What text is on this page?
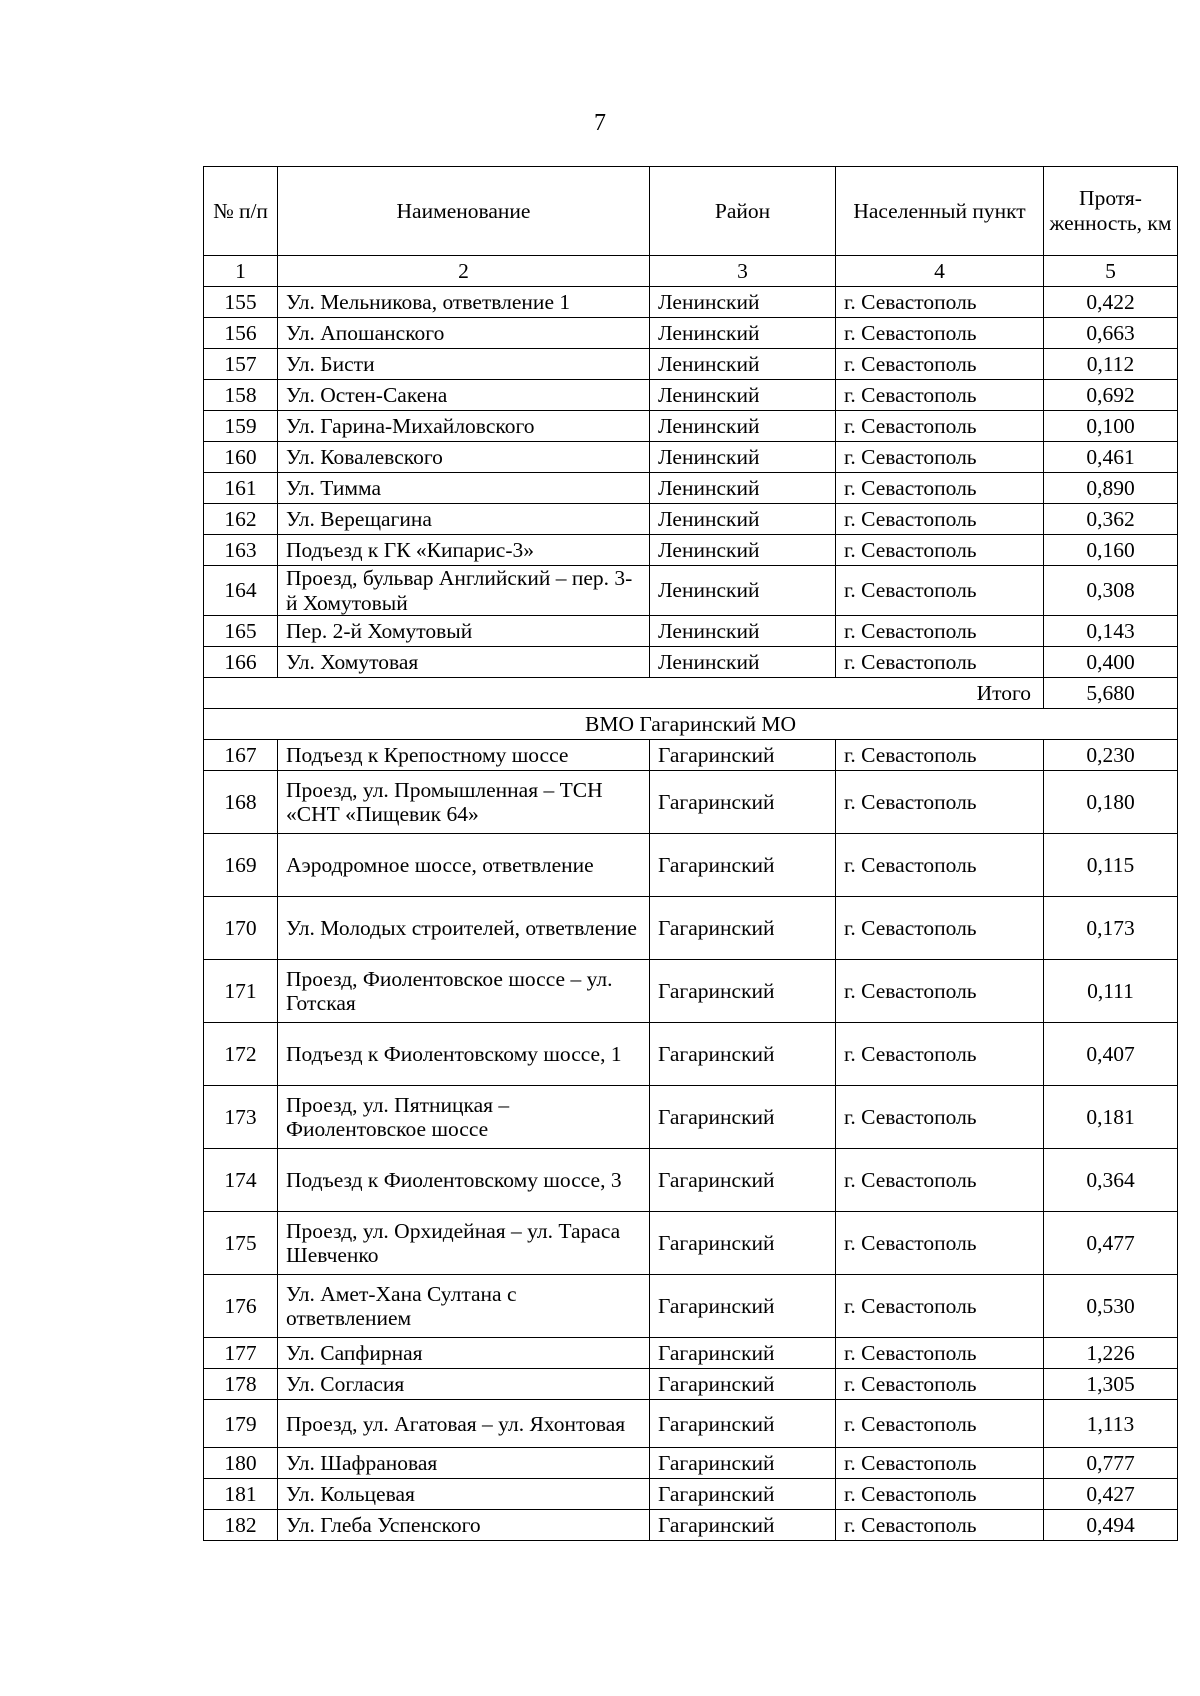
7
№ п/п	Наименование	Район	Населенный пункт	Протя-женность, км
1	2	3	4	5
155	Ул. Мельникова, ответвление 1	Ленинский	г. Севастополь	0,422
156	Ул. Апошанского	Ленинский	г. Севастополь	0,663
157	Ул. Бисти	Ленинский	г. Севастополь	0,112
158	Ул. Остен-Сакена	Ленинский	г. Севастополь	0,692
159	Ул. Гарина-Михайловского	Ленинский	г. Севастополь	0,100
160	Ул. Ковалевского	Ленинский	г. Севастополь	0,461
161	Ул. Тимма	Ленинский	г. Севастополь	0,890
162	Ул. Верещагина	Ленинский	г. Севастополь	0,362
163	Подъезд к ГК «Кипарис-3»	Ленинский	г. Севастополь	0,160
164	Проезд, бульвар Английский – пер. 3-й Хомутовый	Ленинский	г. Севастополь	0,308
165	Пер. 2-й Хомутовый	Ленинский	г. Севастополь	0,143
166	Ул. Хомутовая	Ленинский	г. Севастополь	0,400
Итого				5,680
ВМО Гагаринский МО				
167	Подъезд к Крепостному шоссе	Гагаринский	г. Севастополь	0,230
168	Проезд, ул. Промышленная – ТСН «СНТ «Пищевик 64»	Гагаринский	г. Севастополь	0,180
169	Аэродромное шоссе, ответвление	Гагаринский	г. Севастополь	0,115
170	Ул. Молодых строителей, ответвление	Гагаринский	г. Севастополь	0,173
171	Проезд, Фиолентовское шоссе – ул. Готская	Гагаринский	г. Севастополь	0,111
172	Подъезд к Фиолентовскому шоссе, 1	Гагаринский	г. Севастополь	0,407
173	Проезд, ул. Пятницкая – Фиолентовское шоссе	Гагаринский	г. Севастополь	0,181
174	Подъезд к Фиолентовскому шоссе, 3	Гагаринский	г. Севастополь	0,364
175	Проезд, ул. Орхидейная – ул. Тараса Шевченко	Гагаринский	г. Севастополь	0,477
176	Ул. Амет-Хана Султана с ответвлением	Гагаринский	г. Севастополь	0,530
177	Ул. Сапфирная	Гагаринский	г. Севастополь	1,226
178	Ул. Согласия	Гагаринский	г. Севастополь	1,305
179	Проезд, ул. Агатовая – ул. Яхонтовая	Гагаринский	г. Севастополь	1,113
180	Ул. Шафрановая	Гагаринский	г. Севастополь	0,777
181	Ул. Кольцевая	Гагаринский	г. Севастополь	0,427
182	Ул. Глеба Успенского	Гагаринский	г. Севастополь	0,494
